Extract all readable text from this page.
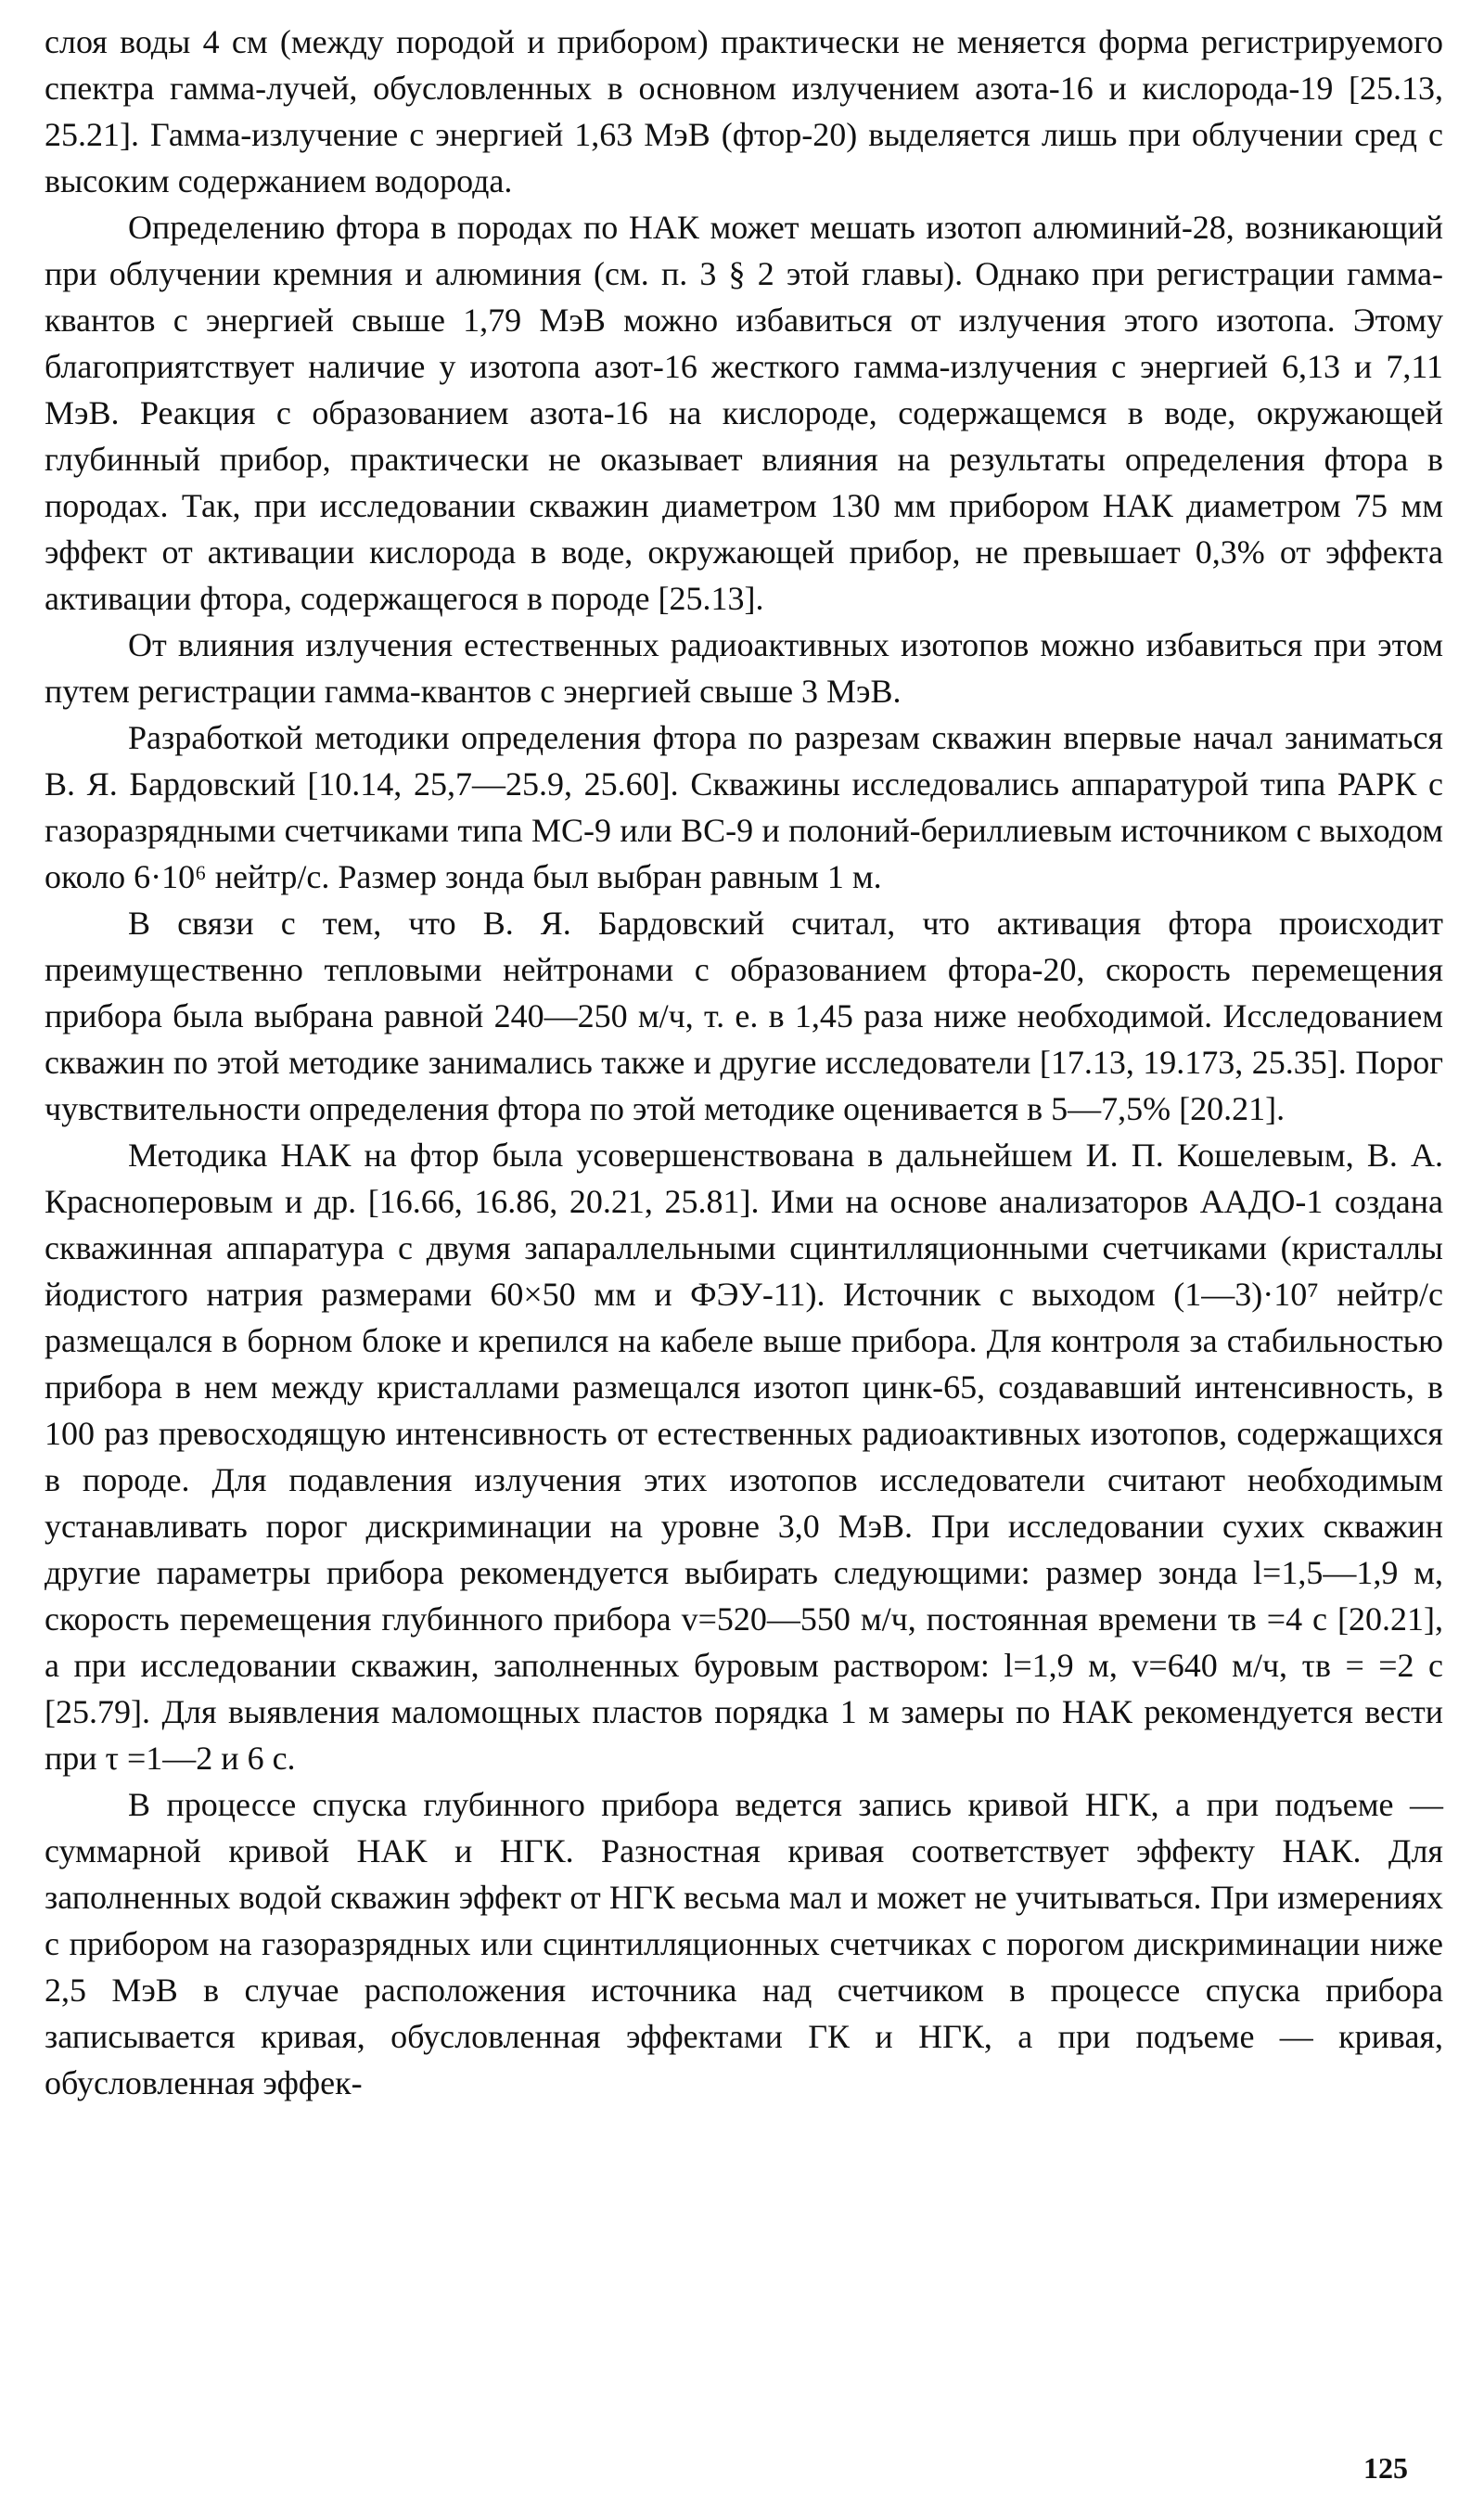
слоя воды 4 см (между породой и прибором) практически не меняется форма регистрируемого спектра гамма-лучей, обусловленных в основном излучением азота-16 и кислорода-19 [25.13, 25.21]. Гамма-излучение с энергией 1,63 МэВ (фтор-20) выделяется лишь при облучении сред с высоким содержанием водорода.

Определению фтора в породах по НАК может мешать изотоп алюминий-28, возникающий при облучении кремния и алюминия (см. п. 3 § 2 этой главы). Однако при регистрации гамма-квантов с энергией свыше 1,79 МэВ можно избавиться от излучения этого изотопа. Этому благоприятствует наличие у изотопа азот-16 жесткого гамма-излучения с энергией 6,13 и 7,11 МэВ. Реакция с образованием азота-16 на кислороде, содержащемся в воде, окружающей глубинный прибор, практически не оказывает влияния на результаты определения фтора в породах. Так, при исследовании скважин диаметром 130 мм прибором НАК диаметром 75 мм эффект от активации кислорода в воде, окружающей прибор, не превышает 0,3% от эффекта активации фтора, содержащегося в породе [25.13].

От влияния излучения естественных радиоактивных изотопов можно избавиться при этом путем регистрации гамма-квантов с энергией свыше 3 МэВ.

Разработкой методики определения фтора по разрезам скважин впервые начал заниматься В. Я. Бардовский [10.14, 25,7—25.9, 25.60]. Скважины исследовались аппаратурой типа РАРК с газоразрядными счетчиками типа МС-9 или ВС-9 и полоний-бериллиевым источником с выходом около 6·10⁶ нейтр/с. Размер зонда был выбран равным 1 м.

В связи с тем, что В. Я. Бардовский считал, что активация фтора происходит преимущественно тепловыми нейтронами с образованием фтора-20, скорость перемещения прибора была выбрана равной 240—250 м/ч, т. е. в 1,45 раза ниже необходимой. Исследованием скважин по этой методике занимались также и другие исследователи [17.13, 19.173, 25.35]. Порог чувствительности определения фтора по этой методике оценивается в 5—7,5% [20.21].

Методика НАК на фтор была усовершенствована в дальнейшем И. П. Кошелевым, В. А. Красноперовым и др. [16.66, 16.86, 20.21, 25.81]. Ими на основе анализаторов ААДО-1 создана скважинная аппаратура с двумя запараллельными сцинтилляционными счетчиками (кристаллы йодистого натрия размерами 60×50 мм и ФЭУ-11). Источник с выходом (1—3)·10⁷ нейтр/с размещался в борном блоке и крепился на кабеле выше прибора. Для контроля за стабильностью прибора в нем между кристаллами размещался изотоп цинк-65, создававший интенсивность, в 100 раз превосходящую интенсивность от естественных радиоактивных изотопов, содержащихся в породе. Для подавления излучения этих изотопов исследователи считают необходимым устанавливать порог дискриминации на уровне 3,0 МэВ. При исследовании сухих скважин другие параметры прибора рекомендуется выбирать следующими: размер зонда l=1,5—1,9 м, скорость перемещения глубинного прибора v=520—550 м/ч, постоянная времени τв =4 с [20.21], а при исследовании скважин, заполненных буровым раствором: l=1,9 м, v=640 м/ч, τв = =2 с [25.79]. Для выявления маломощных пластов порядка 1 м замеры по НАК рекомендуется вести при τ =1—2 и 6 с.

В процессе спуска глубинного прибора ведется запись кривой НГК, а при подъеме — суммарной кривой НАК и НГК. Разностная кривая соответствует эффекту НАК. Для заполненных водой скважин эффект от НГК весьма мал и может не учитываться. При измерениях с прибором на газоразрядных или сцинтилляционных счетчиках с порогом дискриминации ниже 2,5 МэВ в случае расположения источника над счетчиком в процессе спуска прибора записывается кривая, обусловленная эффектами ГК и НГК, а при подъеме — кривая, обусловленная эффек-

125
